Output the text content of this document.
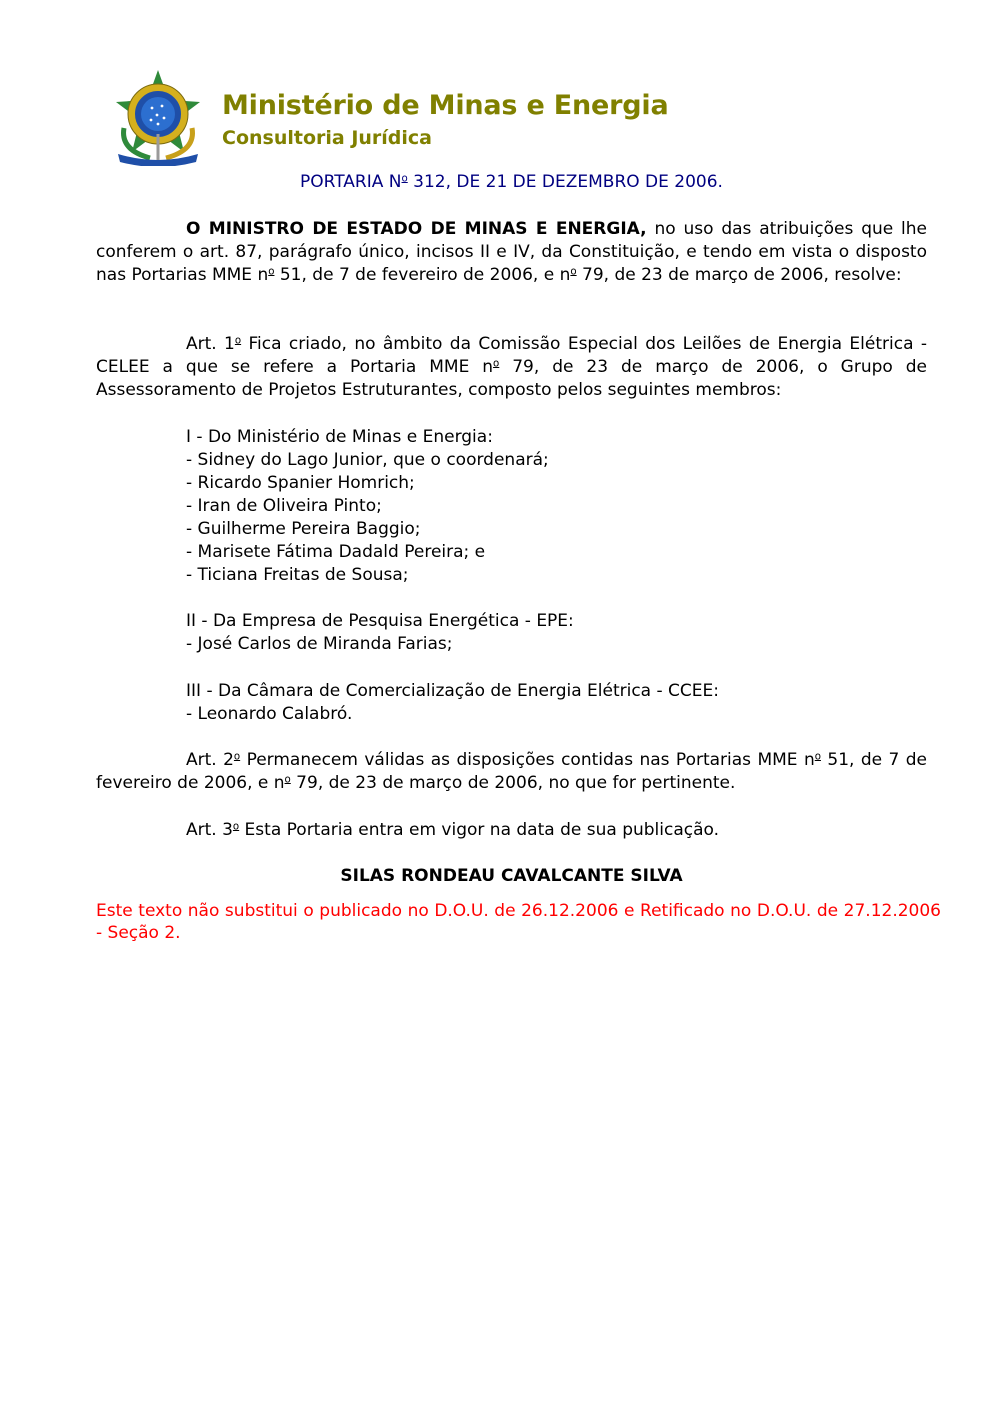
Ministério de Minas e Energia
Consultoria Jurídica
PORTARIA $N^o$ 312, DE 21 DE DEZEMBRO DE 2006.
O MINISTRO DE ESTADO DE MINAS E ENERGIA, no uso das atribuições que lhe conferem o art. 87, parágrafo único, incisos II e IV, da Constituição, e tendo em vista o disposto nas Portarias MME $n^o$ 51, de 7 de fevereiro de 2006, e $n^o$ 79, de 23 de março de 2006, resolve:
Art. 1$^o$ Fica criado, no âmbito da Comissão Especial dos Leilões de Energia Elétrica - CELEE a que se refere a Portaria MME $n^o$ 79, de 23 de março de 2006, o Grupo de Assessoramento de Projetos Estruturantes, composto pelos seguintes membros:
I - Do Ministério de Minas e Energia:
- Sidney do Lago Junior, que o coordenará;
- Ricardo Spanier Homrich;
- Iran de Oliveira Pinto;
- Guilherme Pereira Baggio;
- Marisete Fátima Dadald Pereira; e
- Ticiana Freitas de Sousa;
II - Da Empresa de Pesquisa Energética - EPE:
- José Carlos de Miranda Farias;
III - Da Câmara de Comercialização de Energia Elétrica - CCEE:
- Leonardo Calabró.
Art. 2$^o$ Permanecem válidas as disposições contidas nas Portarias MME $n^o$ 51, de 7 de fevereiro de 2006, e $n^o$ 79, de 23 de março de 2006, no que for pertinente.
Art. 3$^o$ Esta Portaria entra em vigor na data de sua publicação.
SILAS RONDEAU CAVALCANTE SILVA
Este texto não substitui o publicado no D.O.U. de 26.12.2006 e Retificado no D.O.U. de 27.12.2006 - Seção 2.
